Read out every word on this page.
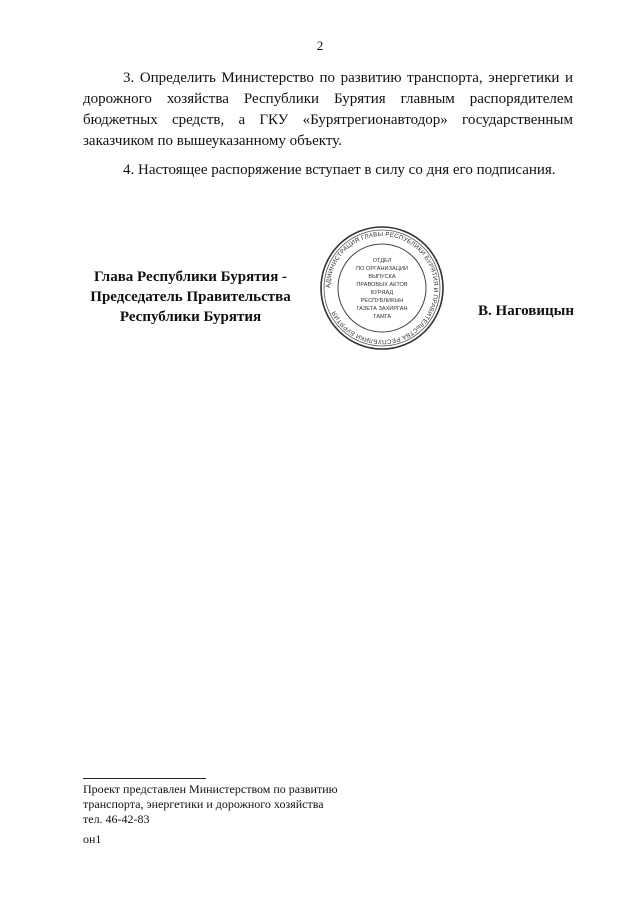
2

3. Определить Министерство по развитию транспорта, энергетики и дорожного хозяйства Республики Бурятия главным распорядителем бюджетных средств, а ГКУ «Бурятрегионавтодор» государственным заказчиком по вышеуказанному объекту.

4. Настоящее распоряжение вступает в силу со дня его подписания.

Глава Республики Бурятия -
Председатель Правительства
Республики Бурятия
АДМИНИСТРАЦИЯ ГЛАВЫ РЕСПУБЛИКИ БУРЯТИЯ И ПРАВИТЕЛЬСТВА РЕСПУБЛИКИ БУРЯТИЯ
ОТДЕЛ
ПО ОРГАНИЗАЦИИ
ВЫПУСКА
ПРАВОВЫХ АКТОВ
БУРЯАД
РЕСПУБЛИКЫН
ГАЗЕТА ЗАХИРГАН
ТАМГА	В. Наговицын
Проект представлен Министерством по развитию
транспорта, энергетики и дорожного хозяйства
тел. 46-42-83
он1
